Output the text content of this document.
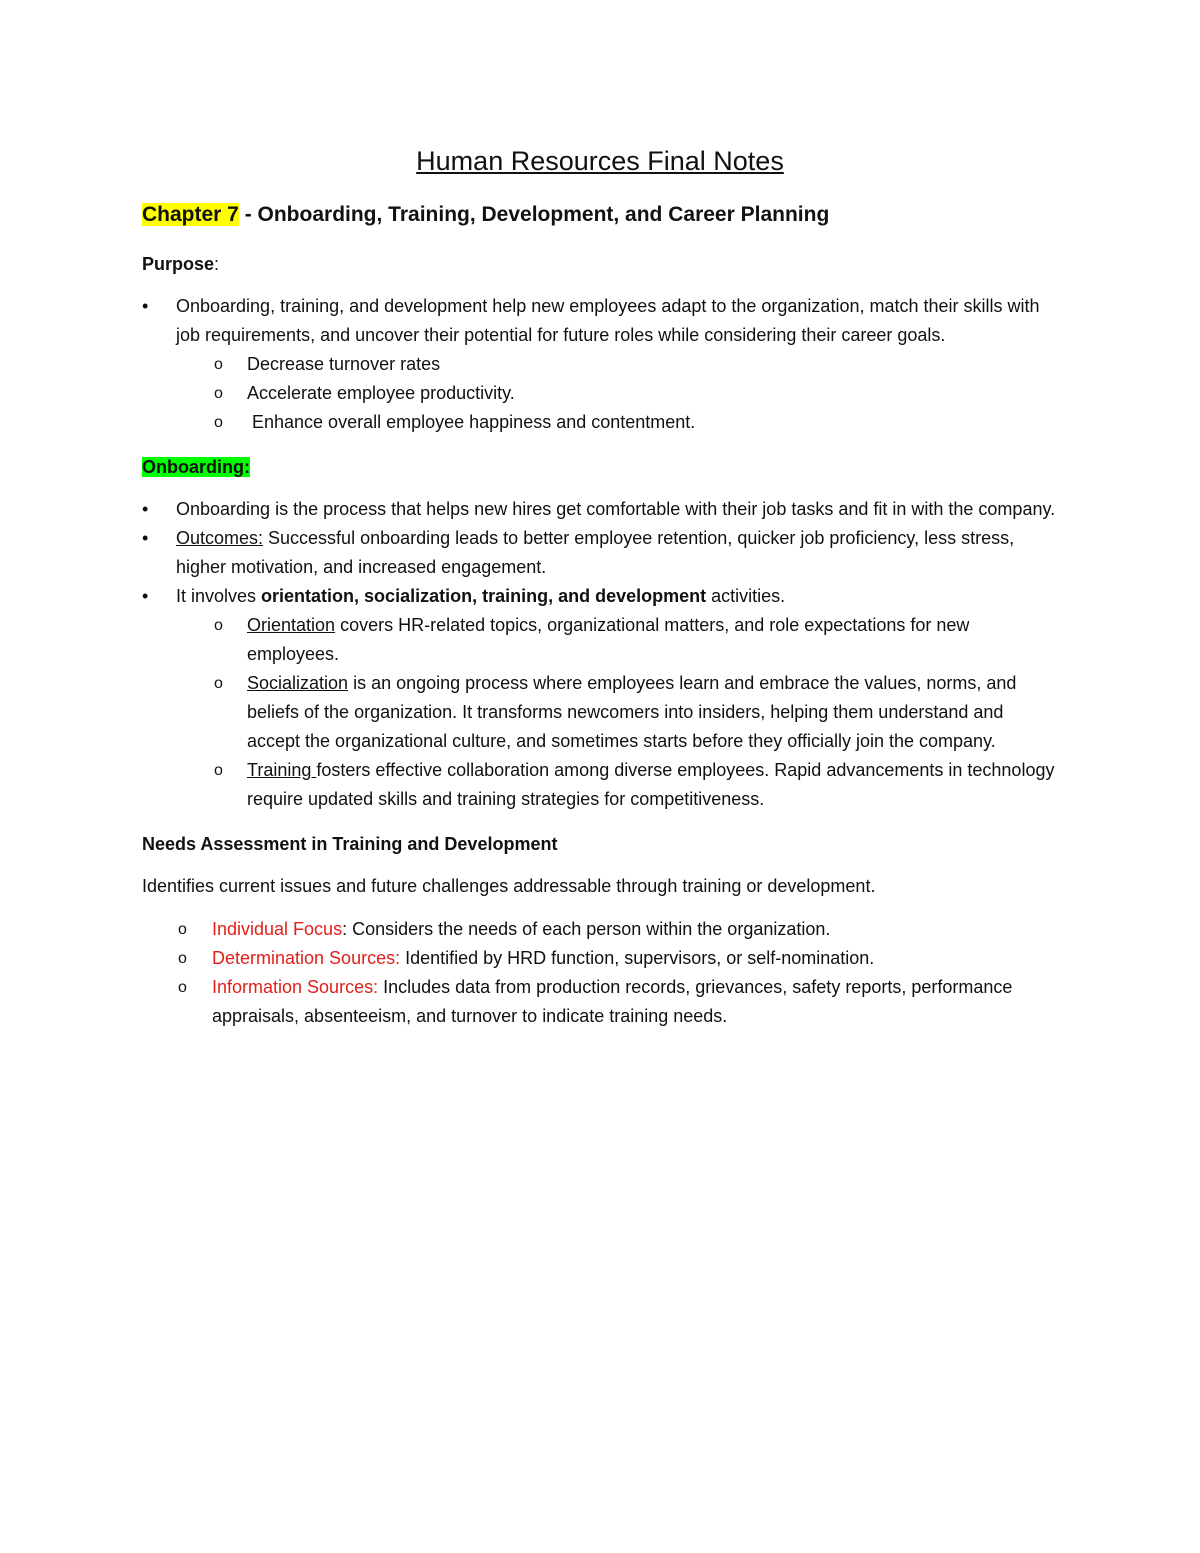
Human Resources Final Notes
Chapter 7 - Onboarding, Training, Development, and Career Planning
Purpose:
• Onboarding, training, and development help new employees adapt to the organization, match their skills with job requirements, and uncover their potential for future roles while considering their career goals.
o Decrease turnover rates
o Accelerate employee productivity.
o Enhance overall employee happiness and contentment.
Onboarding:
• Onboarding is the process that helps new hires get comfortable with their job tasks and fit in with the company.
• Outcomes: Successful onboarding leads to better employee retention, quicker job proficiency, less stress, higher motivation, and increased engagement.
• It involves orientation, socialization, training, and development activities.
o Orientation covers HR-related topics, organizational matters, and role expectations for new employees.
o Socialization is an ongoing process where employees learn and embrace the values, norms, and beliefs of the organization. It transforms newcomers into insiders, helping them understand and accept the organizational culture, and sometimes starts before they officially join the company.
o Training fosters effective collaboration among diverse employees. Rapid advancements in technology require updated skills and training strategies for competitiveness.
Needs Assessment in Training and Development

Identifies current issues and future challenges addressable through training or development.

o Individual Focus: Considers the needs of each person within the organization.
o Determination Sources: Identified by HRD function, supervisors, or self-nomination.
o Information Sources: Includes data from production records, grievances, safety reports, performance appraisals, absenteeism, and turnover to indicate training needs.
